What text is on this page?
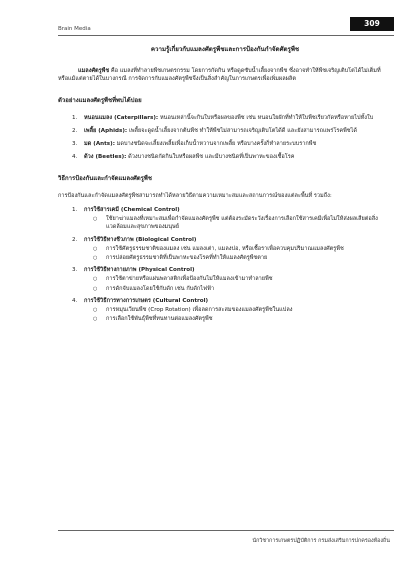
Brain Media
309
ความรู้เกี่ยวกับแมลงศัตรูพืชและการป้องกันกำจัดศัตรูพืช

แมลงศัตรูพืช คือ แมลงที่ทำลายพืชเกษตรกรรม โดยการกัดกิน หรือดูดซับน้ำเลี้ยงจากพืช ซึ่งอาจทำให้พืชเจริญเติบโตได้ไม่เต็มที่ หรือแม้แต่ตายได้ในบางกรณี การจัดการกับแมลงศัตรูพืชจึงเป็นสิ่งสำคัญในการเกษตรเพื่อเพิ่มผลผลิต

ตัวอย่างแมลงศัตรูพืชที่พบได้บ่อย
1. หนอนแมลง (Caterpillars): หนอนเหล่านี้จะกินใบหรือผลของพืช เช่น หนอนใยผักที่ทำให้ใบพืชเรียวกัดหรือหายไปทั้งใบ
2. เพลี้ย (Aphids): เพลี้ยจะดูดน้ำเลี้ยงจากต้นพืช ทำให้พืชไม่สามารถเจริญเติบโตได้ดี และยังสามารถแพร่โรคพืชได้
3. มด (Ants): มดบางชนิดจะเลี้ยงเพลี้ยเพื่อเก็บน้ำหวานจากเพลี้ย หรือบางครั้งก็ทำลายระบบรากพืช
4. ด้วง (Beetles): ด้วงบางชนิดกัดกินใบหรือผลพืช และมีบางชนิดที่เป็นพาหะของเชื้อโรค
วิธีการป้องกันและกำจัดแมลงศัตรูพืช

การป้องกันและกำจัดแมลงศัตรูพืชสามารถทำได้หลายวิธีตามความเหมาะสมและสถานการณ์ของแต่ละพื้นที่ รวมถึง:

1. การใช้สารเคมี (Chemical Control)
○ ใช้ยาฆ่าแมลงที่เหมาะสมเพื่อกำจัดแมลงศัตรูพืช แต่ต้องระมัดระวังเรื่องการเลือกใช้สารเคมีเพื่อไม่ให้ส่งผลเสียต่อสิ่งแวดล้อมและสุขภาพของมนุษย์
2. การใช้วิธีทางชีวภาพ (Biological Control)
○ การใช้ศัตรูธรรมชาติของแมลง เช่น แมลงเต่า, แมลงปอ, หรือเชื้อราเพื่อควบคุมปริมาณแมลงศัตรูพืช
○ การปล่อยศัตรูธรรมชาติที่เป็นพาหะของโรคที่ทำให้แมลงศัตรูพืชตาย
3. การใช้วิธีทางกายภาพ (Physical Control)
○ การใช้ตาข่ายหรือแผ่นพลาสติกเพื่อป้องกันไม่ให้แมลงเข้ามาทำลายพืช
○ การดักจับแมลงโดยใช้กับดัก เช่น กับดักไฟฟ้า
4. การใช้วิธีการทางการเกษตร (Cultural Control)
○ การหมุนเวียนพืช (Crop Rotation) เพื่อลดการสะสมของแมลงศัตรูพืชในแปลง
○ การเลือกใช้พันธุ์พืชที่ทนทานต่อแมลงศัตรูพืช
นักวิชาการเกษตรปฏิบัติการ กรมส่งเสริมการปกครองท้องถิ่น
